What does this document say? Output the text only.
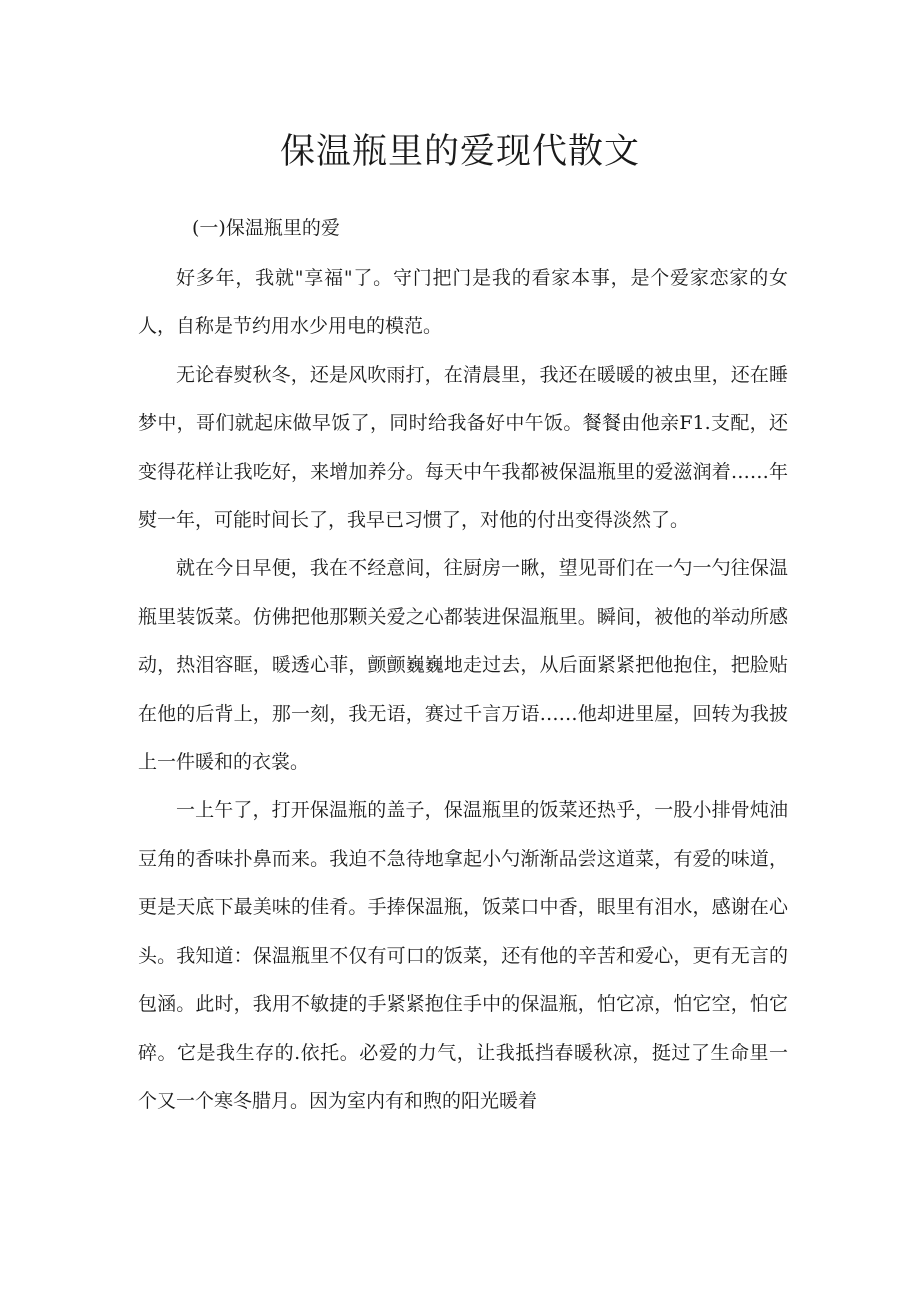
保温瓶里的爱现代散文

(一)保温瓶里的爱

好多年，我就"享福"了。守门把门是我的看家本事，是个爱家恋家的女人，自称是节约用水少用电的模范。

无论春熨秋冬，还是风吹雨打，在清晨里，我还在暖暖的被虫里，还在睡梦中，哥们就起床做早饭了，同时给我备好中午饭。餐餐由他亲F1.支配，还变得花样让我吃好，来增加养分。每天中午我都被保温瓶里的爱滋润着……年熨一年，可能时间长了，我早已习惯了，对他的付出变得淡然了。

就在今日早便，我在不经意间，往厨房一瞅，望见哥们在一勺一勺往保温瓶里装饭菜。仿佛把他那颗关爱之心都装进保温瓶里。瞬间，被他的举动所感动，热泪容眶，暖透心菲，颤颤巍巍地走过去，从后面紧紧把他抱住，把脸贴在他的后背上，那一刻，我无语，赛过千言万语……他却进里屋，回转为我披上一件暖和的衣裳。

一上午了，打开保温瓶的盖子，保温瓶里的饭菜还热乎，一股小排骨炖油豆角的香味扑鼻而来。我迫不急待地拿起小勺渐渐品尝这道菜，有爱的味道，更是天底下最美味的佳肴。手捧保温瓶，饭菜口中香，眼里有泪水，感谢在心头。我知道：保温瓶里不仅有可口的饭菜，还有他的辛苦和爱心，更有无言的包涵。此时，我用不敏捷的手紧紧抱住手中的保温瓶，怕它凉，怕它空，怕它碎。它是我生存的.依托。必爱的力气，让我抵挡春暖秋凉，挺过了生命里一个又一个寒冬腊月。因为室内有和煦的阳光暖着
